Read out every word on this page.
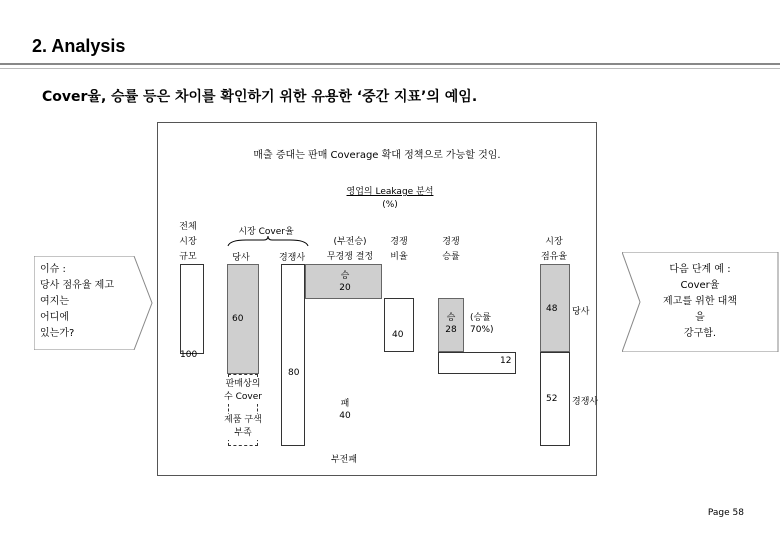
2. Analysis
Cover율, 승률 등은 차이를 확인하기 위한 유용한 ‘중간 지표’의 예임.
이슈 :
당사 점유율 제고
여지는
어디에
있는가?
다음 단계 예 :
Cover율
제고를 위한 대책
을
강구함.
매출 증대는 판매 Coverage 확대 정책으로 가능할 것임.
영업의 Leakage 분석
(%)
전체
시장
규모
시장 Cover율
당사	경쟁사
(부전승)
무경쟁 결정
경쟁
비율
경쟁
승률
시장
점유율
100
60
80
승
20
40
승
28
(승률
70%)
12
48
52
당사
경쟁사
패
40
부전패
판매상의
수 Cover
제품 구색
부족
Page 58
